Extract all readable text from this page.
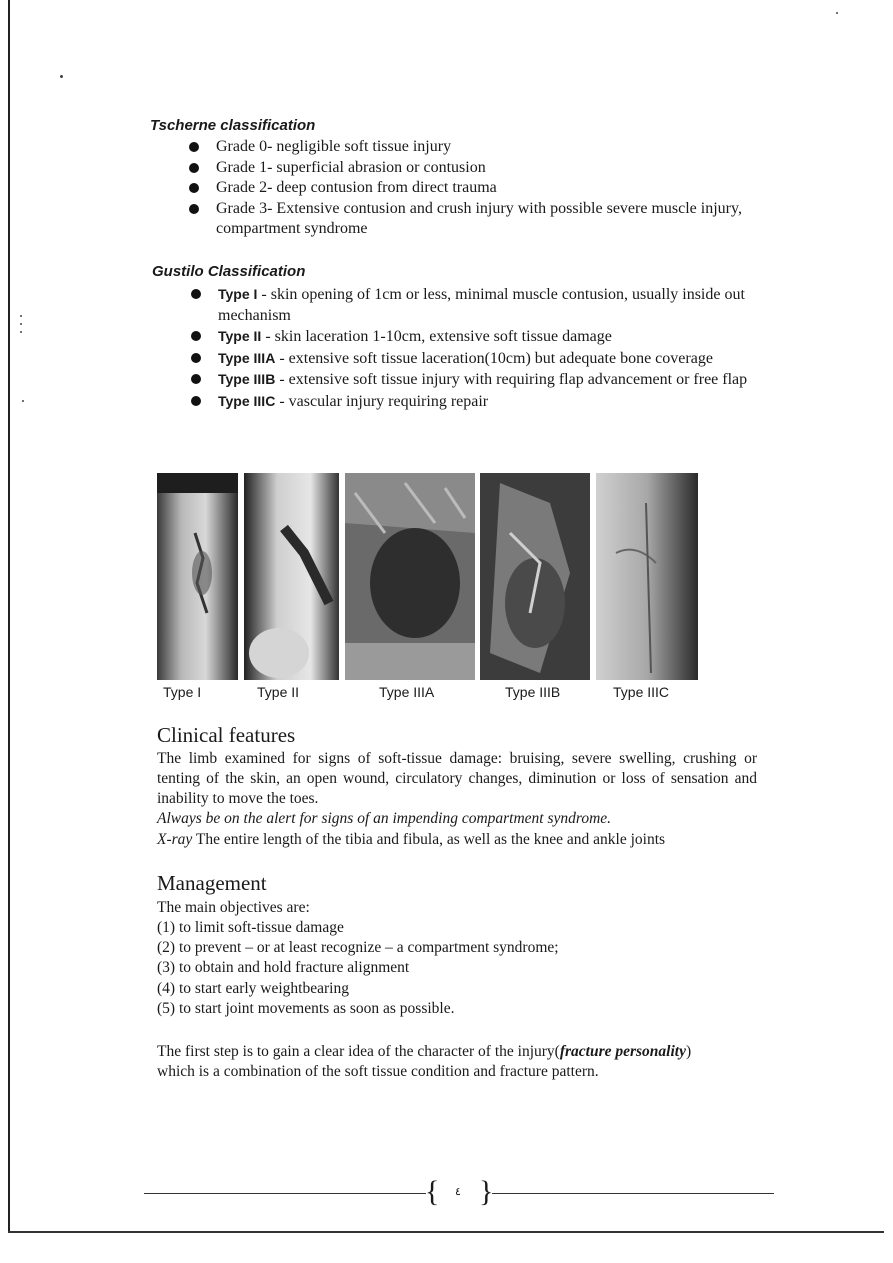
Tscherne classification
Grade 0- negligible soft tissue injury
Grade 1- superficial abrasion or contusion
Grade 2- deep contusion from direct trauma
Grade 3- Extensive contusion and crush injury with possible severe muscle injury, compartment syndrome
Gustilo Classification
Type I - skin opening of 1cm or less, minimal muscle contusion, usually inside out mechanism
Type II - skin laceration 1-10cm, extensive soft tissue damage
Type IIIA - extensive soft tissue laceration(10cm) but adequate bone coverage
Type IIIB - extensive soft tissue injury with requiring flap advancement or free flap
Type IIIC - vascular injury requiring repair
Type I	Type II	Type IIIA	Type IIIB	Type IIIC
Clinical features
The limb examined for signs of soft-tissue damage: bruising, severe swelling, crushing or tenting of the skin, an open wound, circulatory changes, diminution or loss of sensation and inability to move the toes.
Always be on the alert for signs of an impending compartment syndrome.
X-ray The entire length of the tibia and fibula, as well as the knee and ankle joints
Management
The main objectives are:
(1) to limit soft-tissue damage
(2) to prevent – or at least recognize – a compartment syndrome;
(3) to obtain and hold fracture alignment
(4) to start early weightbearing
(5) to start joint movements as soon as possible.
The first step is to gain a clear idea of the character of the injury(fracture personality)
which is a combination of the soft tissue condition and fracture pattern.
{ ٤ }
